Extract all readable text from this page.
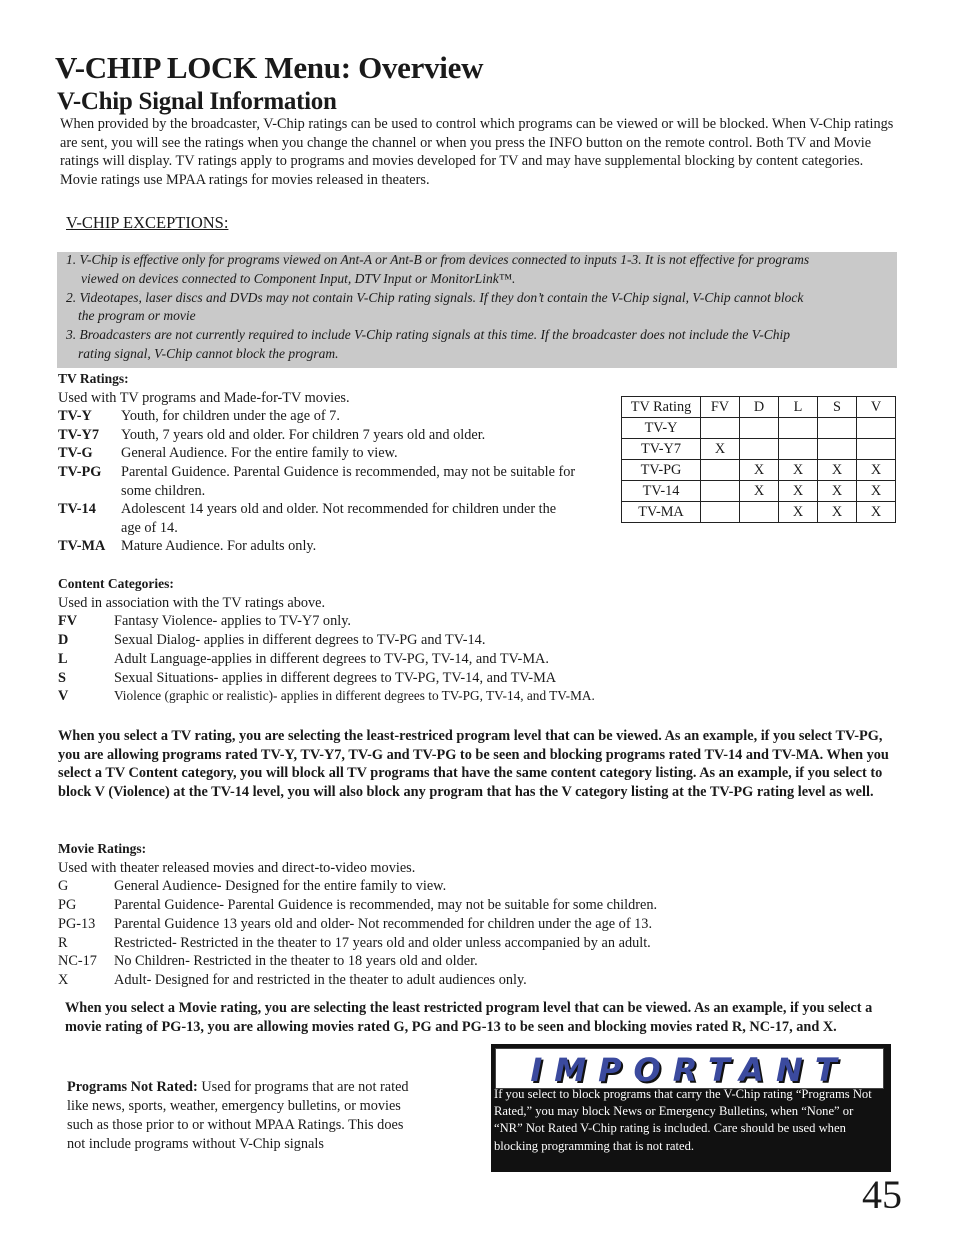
V-CHIP LOCK Menu: Overview
V-Chip Signal Information
When provided by the broadcaster, V-Chip ratings can be used to control which programs can be viewed or will be blocked. When V-Chip ratings are sent, you will see the ratings when you change the channel or when you press the INFO button on the remote control. Both TV and Movie ratings will display. TV ratings apply to programs and movies developed for TV and may have supplemental blocking by content categories. Movie ratings use MPAA ratings for movies released in theaters.
V-CHIP EXCEPTIONS:
1. V-Chip is effective only for programs viewed on Ant-A or Ant-B or from devices connected to inputs 1-3. It is not effective for programs
viewed on devices connected to Component Input, DTV Input or MonitorLink™.
2. Videotapes, laser discs and DVDs may not contain V-Chip rating signals. If they don’t contain the V-Chip signal, V-Chip cannot block
the program or movie
3. Broadcasters are not currently required to include V-Chip rating signals at this time. If the broadcaster does not include the V-Chip
rating signal, V-Chip cannot block the program.
TV Ratings:
Used with TV programs and Made-for-TV movies.
TV-Y Youth, for children under the age of 7.
TV-Y7 Youth, 7 years old and older. For children 7 years old and older.
TV-G General Audience. For the entire family to view.
TV-PG Parental Guidence. Parental Guidence is recommended, may not be suitable for some children.
TV-14 Adolescent 14 years old and older. Not recommended for children under the age of 14.
TV-MA Mature Audience. For adults only.
TV Rating	FV	D	L	S	V
TV-Y					
TV-Y7	X				
TV-PG		X	X	X	X
TV-14		X	X	X	X
TV-MA			X	X	X
Content Categories:
Used in association with the TV ratings above.
FV	Fantasy Violence- applies to TV-Y7 only.
D	Sexual Dialog- applies in different degrees to TV-PG and TV-14.
L	Adult Language-applies in different degrees to TV-PG, TV-14, and TV-MA.
S	Sexual Situations- applies in different degrees to TV-PG, TV-14, and TV-MA
V	Violence (graphic or realistic)- applies in different degrees to TV-PG, TV-14, and TV-MA.
When you select a TV rating, you are selecting the least-restriced program level that can be viewed. As an example, if you select TV-PG, you are allowing programs rated TV-Y, TV-Y7, TV-G and TV-PG to be seen and blocking programs rated TV-14 and TV-MA. When you select a TV Content category, you will block all TV programs that have the same content category listing. As an example, if you select to block V (Violence) at the TV-14 level, you will also block any program that has the V category listing at the TV-PG rating level as well.
Movie Ratings:
Used with theater released movies and direct-to-video movies.
G	General Audience- Designed for the entire family to view.
PG	Parental Guidence- Parental Guidence is recommended, may not be suitable for some children.
PG-13 Parental Guidence 13 years old and older- Not recommended for children under the age of 13.
R	Restricted- Restricted in the theater to 17 years old and older unless accompanied by an adult.
NC-17 No Children- Restricted in the theater to 18 years old and older.
X	Adult- Designed for and restricted in the theater to adult audiences only.
When you select a Movie rating, you are selecting the least restricted program level that can be viewed. As an example, if you select a movie rating of PG-13, you are allowing movies rated G, PG and PG-13 to be seen and blocking movies rated R, NC-17, and X.
Programs Not Rated: Used for programs that are not rated like news, sports, weather, emergency bulletins, or movies such as those prior to or without MPAA Ratings. This does not include programs without V-Chip signals
IMPORTANT
If you select to block programs that carry the V-Chip rating “Programs Not Rated,” you may block News or Emergency Bulletins, when “None” or “NR” Not Rated V-Chip rating is included. Care should be used when blocking programming that is not rated.
45
